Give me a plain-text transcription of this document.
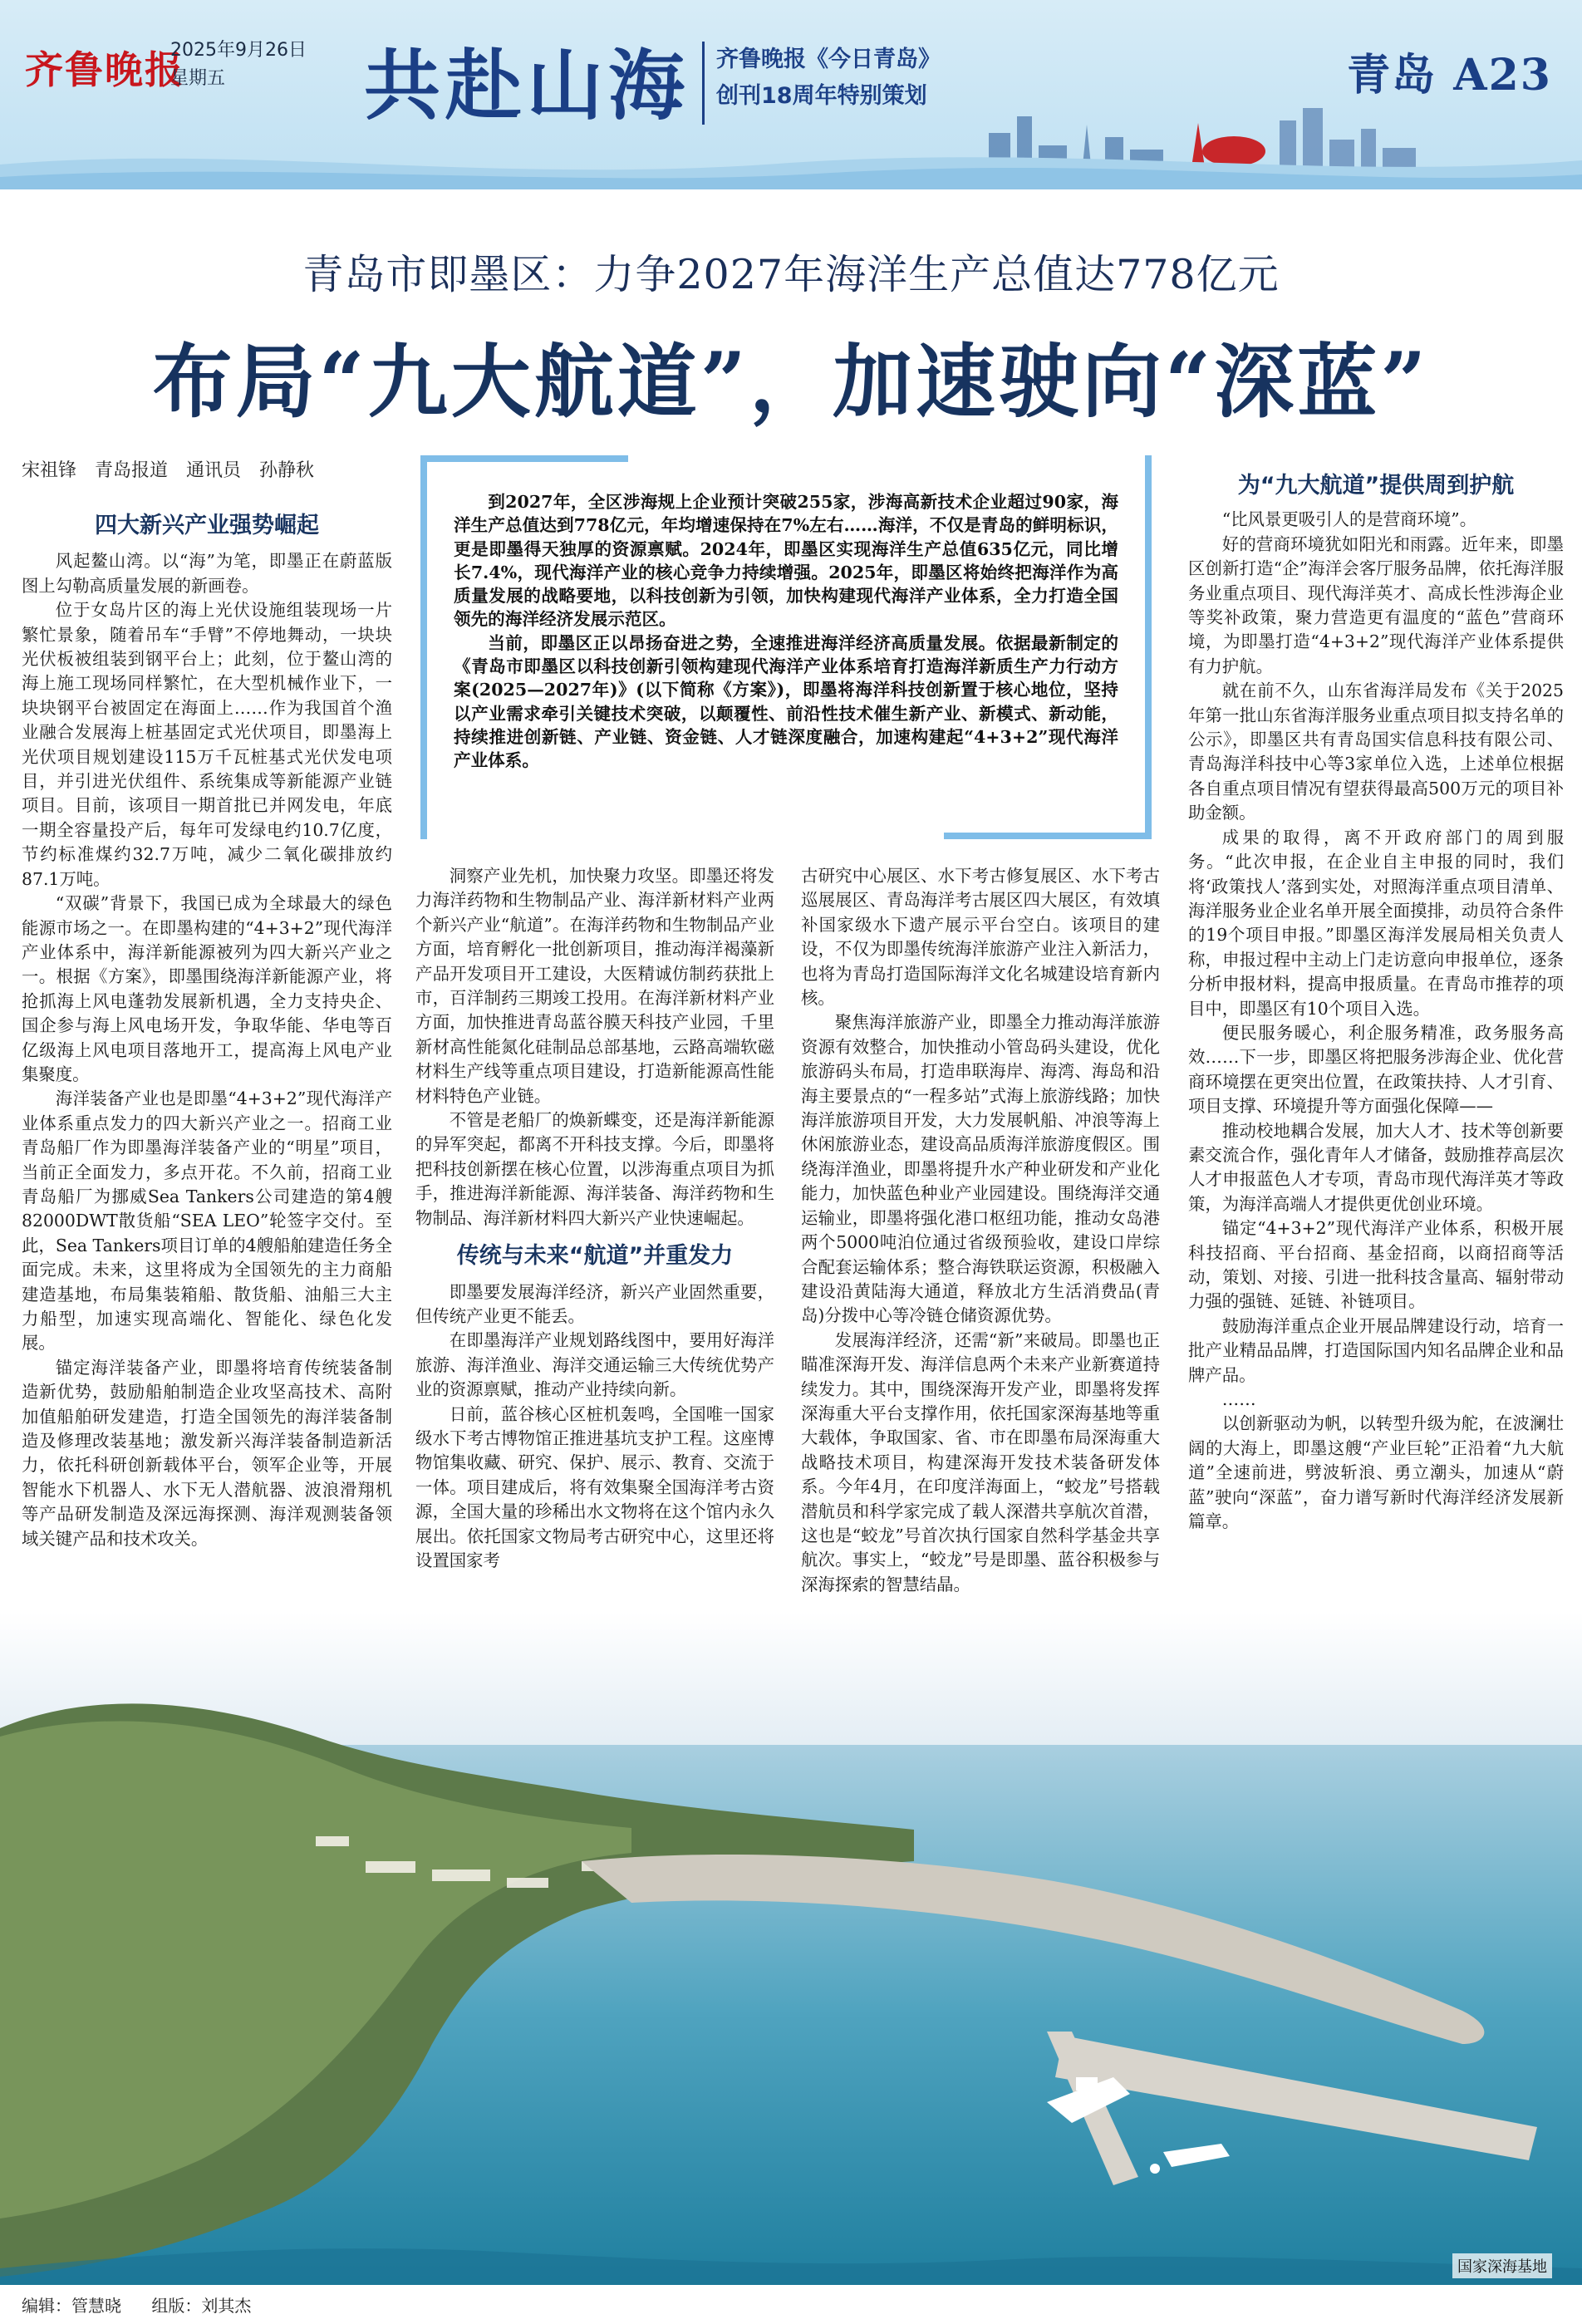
齐鲁晚报
2025年9月26日
星期五	共赴山海 齐鲁晚报《今日青岛》
创刊18周年特别策划	青岛 A23
青岛市即墨区：力争2027年海洋生产总值达778亿元
布局“九大航道”，加速驶向“深蓝”
宋祖锋　青岛报道　通讯员　孙静秋

到2027年，全区涉海规上企业预计突破255家，涉海高新技术企业超过90家，海洋生产总值达到778亿元，年均增速保持在7%左右……海洋，不仅是青岛的鲜明标识，更是即墨得天独厚的资源禀赋。2024年，即墨区实现海洋生产总值635亿元，同比增长7.4%，现代海洋产业的核心竞争力持续增强。2025年，即墨区将始终把海洋作为高质量发展的战略要地，以科技创新为引领，加快构建现代海洋产业体系，全力打造全国领先的海洋经济发展示范区。

当前，即墨区正以昂扬奋进之势，全速推进海洋经济高质量发展。依据最新制定的《青岛市即墨区以科技创新引领构建现代海洋产业体系培育打造海洋新质生产力行动方案(2025—2027年)》(以下简称《方案》)，即墨将海洋科技创新置于核心地位，坚持以产业需求牵引关键技术突破，以颠覆性、前沿性技术催生新产业、新模式、新动能，持续推进创新链、产业链、资金链、人才链深度融合，加速构建起“4+3+2”现代海洋产业体系。

四大新兴产业强势崛起

风起鳌山湾。以“海”为笔，即墨正在蔚蓝版图上勾勒高质量发展的新画卷。

位于女岛片区的海上光伏设施组装现场一片繁忙景象，随着吊车“手臂”不停地舞动，一块块光伏板被组装到钢平台上；此刻，位于鳌山湾的海上施工现场同样繁忙，在大型机械作业下，一块块钢平台被固定在海面上……作为我国首个渔业融合发展海上桩基固定式光伏项目，即墨海上光伏项目规划建设115万千瓦桩基式光伏发电项目，并引进光伏组件、系统集成等新能源产业链项目。目前，该项目一期首批已并网发电，年底一期全容量投产后，每年可发绿电约10.7亿度，节约标准煤约32.7万吨，减少二氧化碳排放约87.1万吨。

“双碳”背景下，我国已成为全球最大的绿色能源市场之一。在即墨构建的“4+3+2”现代海洋产业体系中，海洋新能源被列为四大新兴产业之一。根据《方案》，即墨围绕海洋新能源产业，将抢抓海上风电蓬勃发展新机遇，全力支持央企、国企参与海上风电场开发，争取华能、华电等百亿级海上风电项目落地开工，提高海上风电产业集聚度。

海洋装备产业也是即墨“4+3+2”现代海洋产业体系重点发力的四大新兴产业之一。招商工业青岛船厂作为即墨海洋装备产业的“明星”项目，当前正全面发力，多点开花。不久前，招商工业青岛船厂为挪威Sea Tankers公司建造的第4艘82000DWT散货船“SEA LEO”轮签字交付。至此，Sea Tankers项目订单的4艘船舶建造任务全面完成。未来，这里将成为全国领先的主力商船建造基地，布局集装箱船、散货船、油船三大主力船型，加速实现高端化、智能化、绿色化发展。

锚定海洋装备产业，即墨将培育传统装备制造新优势，鼓励船舶制造企业攻坚高技术、高附加值船舶研发建造，打造全国领先的海洋装备制造及修理改装基地；激发新兴海洋装备制造新活力，依托科研创新载体平台，领军企业等，开展智能水下机器人、水下无人潜航器、波浪滑翔机等产品研发制造及深远海探测、海洋观测装备领域关键产品和技术攻关。

洞察产业先机，加快聚力攻坚。即墨还将发力海洋药物和生物制品产业、海洋新材料产业两个新兴产业“航道”。在海洋药物和生物制品产业方面，培育孵化一批创新项目，推动海洋褐藻新产品开发项目开工建设，大医精诚仿制药获批上市，百洋制药三期竣工投用。在海洋新材料产业方面，加快推进青岛蓝谷膜天科技产业园，千里新材高性能氮化硅制品总部基地，云路高端软磁材料生产线等重点项目建设，打造新能源高性能材料特色产业链。

不管是老船厂的焕新蝶变，还是海洋新能源的异军突起，都离不开科技支撑。今后，即墨将把科技创新摆在核心位置，以涉海重点项目为抓手，推进海洋新能源、海洋装备、海洋药物和生物制品、海洋新材料四大新兴产业快速崛起。

传统与未来“航道”并重发力

即墨要发展海洋经济，新兴产业固然重要，但传统产业更不能丢。

在即墨海洋产业规划路线图中，要用好海洋旅游、海洋渔业、海洋交通运输三大传统优势产业的资源禀赋，推动产业持续向新。

日前，蓝谷核心区桩机轰鸣，全国唯一国家级水下考古博物馆正推进基坑支护工程。这座博物馆集收藏、研究、保护、展示、教育、交流于一体。项目建成后，将有效集聚全国海洋考古资源，全国大量的珍稀出水文物将在这个馆内永久展出。依托国家文物局考古研究中心，这里还将设置国家考

古研究中心展区、水下考古修复展区、水下考古巡展展区、青岛海洋考古展区四大展区，有效填补国家级水下遗产展示平台空白。该项目的建设，不仅为即墨传统海洋旅游产业注入新活力，也将为青岛打造国际海洋文化名城建设培育新内核。

聚焦海洋旅游产业，即墨全力推动海洋旅游资源有效整合，加快推动小管岛码头建设，优化旅游码头布局，打造串联海岸、海湾、海岛和沿海主要景点的“一程多站”式海上旅游线路；加快海洋旅游项目开发，大力发展帆船、冲浪等海上休闲旅游业态，建设高品质海洋旅游度假区。围绕海洋渔业，即墨将提升水产种业研发和产业化能力，加快蓝色种业产业园建设。围绕海洋交通运输业，即墨将强化港口枢纽功能，推动女岛港两个5000吨泊位通过省级预验收，建设口岸综合配套运输体系；整合海铁联运资源，积极融入建设沿黄陆海大通道，释放北方生活消费品(青岛)分拨中心等冷链仓储资源优势。

发展海洋经济，还需“新”来破局。即墨也正瞄准深海开发、海洋信息两个未来产业新赛道持续发力。其中，围绕深海开发产业，即墨将发挥深海重大平台支撑作用，依托国家深海基地等重大载体，争取国家、省、市在即墨布局深海重大战略技术项目，构建深海开发技术装备研发体系。今年4月，在印度洋海面上，“蛟龙”号搭载潜航员和科学家完成了载人深潜共享航次首潜，这也是“蛟龙”号首次执行国家自然科学基金共享航次。事实上，“蛟龙”号是即墨、蓝谷积极参与深海探索的智慧结晶。

为“九大航道”提供周到护航

“比风景更吸引人的是营商环境”。

好的营商环境犹如阳光和雨露。近年来，即墨区创新打造“企”海洋会客厅服务品牌，依托海洋服务业重点项目、现代海洋英才、高成长性涉海企业等奖补政策，聚力营造更有温度的“蓝色”营商环境，为即墨打造“4+3+2”现代海洋产业体系提供有力护航。

就在前不久，山东省海洋局发布《关于2025年第一批山东省海洋服务业重点项目拟支持名单的公示》，即墨区共有青岛国实信息科技有限公司、青岛海洋科技中心等3家单位入选，上述单位根据各自重点项目情况有望获得最高500万元的项目补助金额。

成果的取得，离不开政府部门的周到服务。“此次申报，在企业自主申报的同时，我们将‘政策找人’落到实处，对照海洋重点项目清单、海洋服务业企业名单开展全面摸排，动员符合条件的19个项目申报。”即墨区海洋发展局相关负责人称，申报过程中主动上门走访意向申报单位，逐条分析申报材料，提高申报质量。在青岛市推荐的项目中，即墨区有10个项目入选。

便民服务暖心，利企服务精准，政务服务高效……下一步，即墨区将把服务涉海企业、优化营商环境摆在更突出位置，在政策扶持、人才引育、项目支撑、环境提升等方面强化保障——

推动校地耦合发展，加大人才、技术等创新要素交流合作，强化青年人才储备，鼓励推荐高层次人才申报蓝色人才专项，青岛市现代海洋英才等政策，为海洋高端人才提供更优创业环境。

锚定“4+3+2”现代海洋产业体系，积极开展科技招商、平台招商、基金招商，以商招商等活动，策划、对接、引进一批科技含量高、辐射带动力强的强链、延链、补链项目。

鼓励海洋重点企业开展品牌建设行动，培育一批产业精品品牌，打造国际国内知名品牌企业和品牌产品。

……

以创新驱动为帆，以转型升级为舵，在波澜壮阔的大海上，即墨这艘“产业巨轮”正沿着“九大航道”全速前进，劈波斩浪、勇立潮头，加速从“蔚蓝”驶向“深蓝”，奋力谱写新时代海洋经济发展新篇章。

国家深海基地
编辑：管慧晓 组版：刘其杰
